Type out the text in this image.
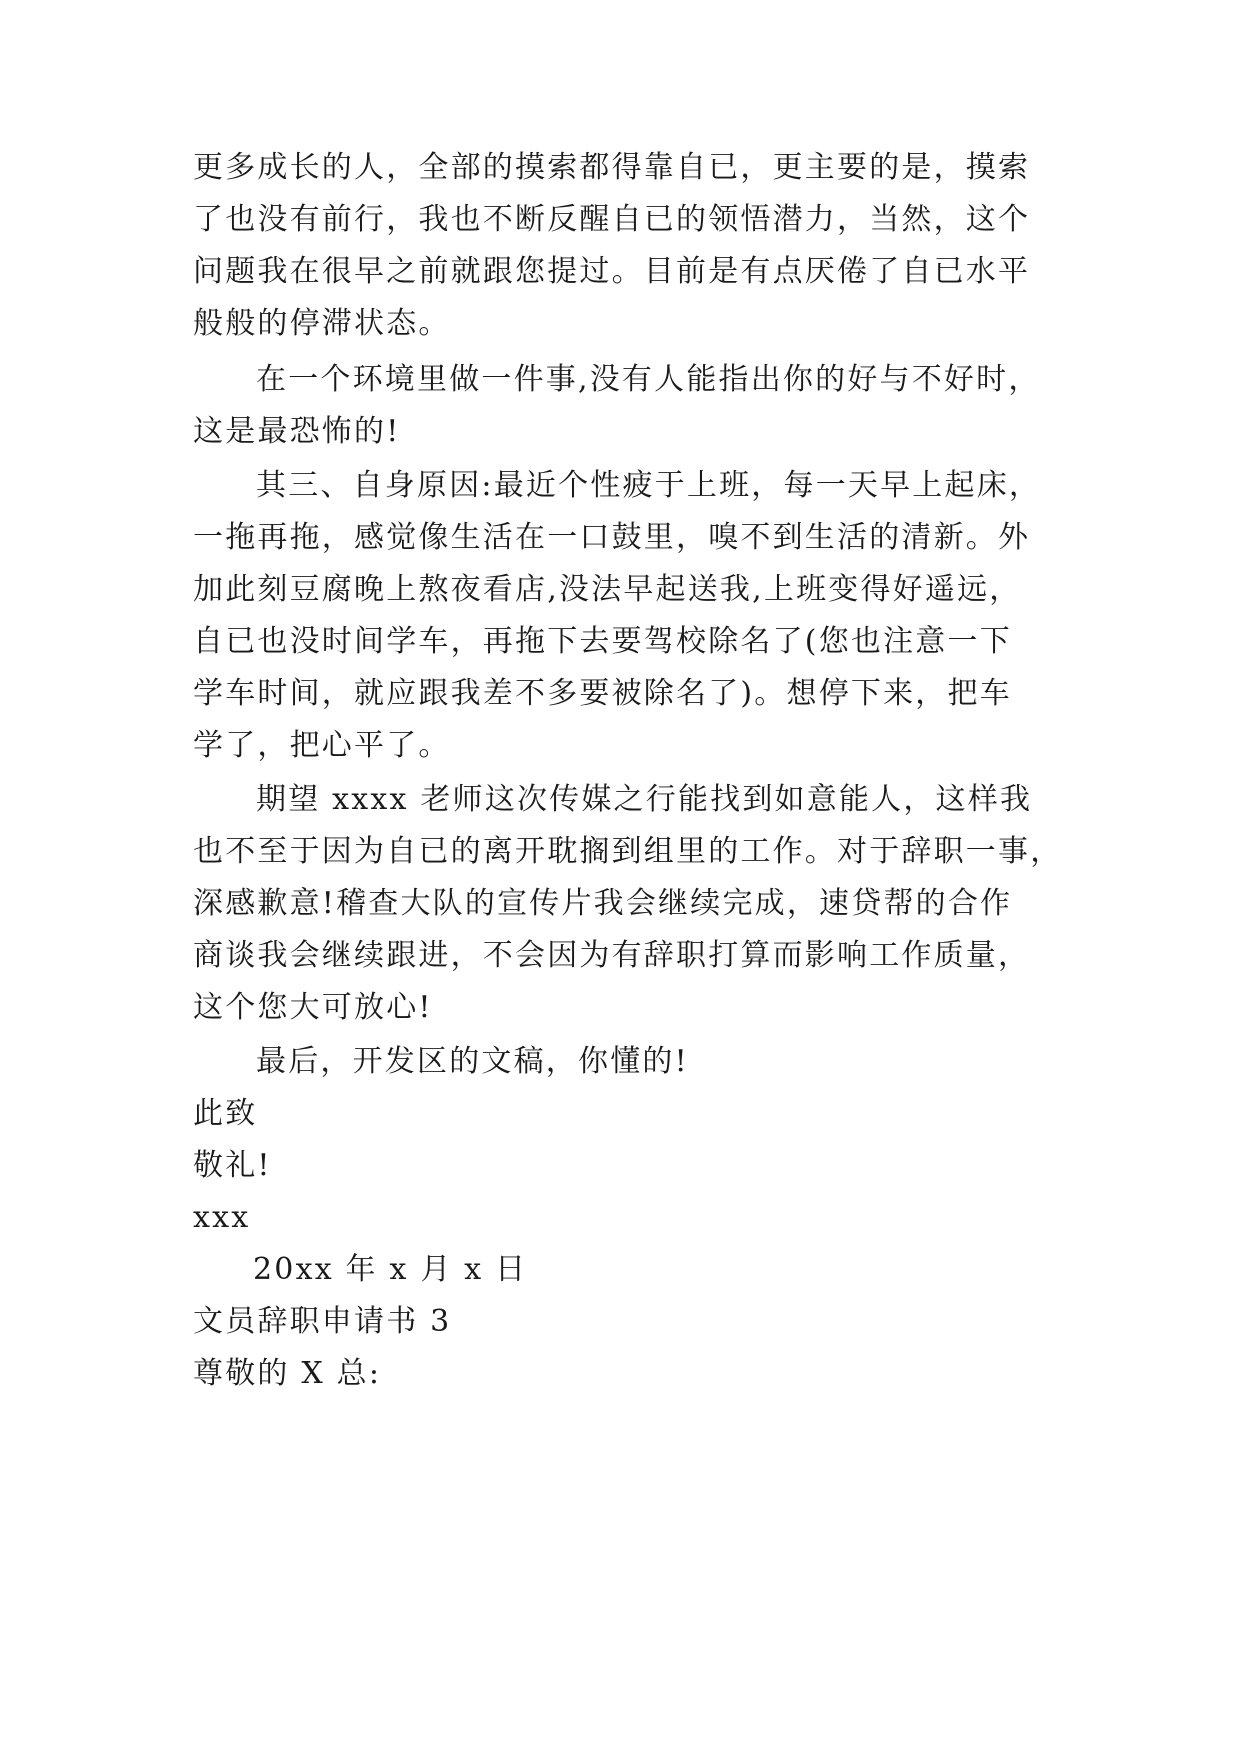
更多成长的人，全部的摸索都得靠自已，更主要的是，摸索
了也没有前行，我也不断反醒自已的领悟潜力，当然，这个
问题我在很早之前就跟您提过。目前是有点厌倦了自已水平
般般的停滞状态。
在一个环境里做一件事,没有人能指出你的好与不好时，
这是最恐怖的!
其三、自身原因:最近个性疲于上班，每一天早上起床，
一拖再拖，感觉像生活在一口鼓里，嗅不到生活的清新。外
加此刻豆腐晚上熬夜看店,没法早起送我,上班变得好遥远，
自已也没时间学车，再拖下去要驾校除名了(您也注意一下
学车时间，就应跟我差不多要被除名了)。想停下来，把车
学了，把心平了。
期望 xxxx 老师这次传媒之行能找到如意能人，这样我
也不至于因为自已的离开耽搁到组里的工作。对于辞职一事，
深感歉意!稽查大队的宣传片我会继续完成，速贷帮的合作
商谈我会继续跟进，不会因为有辞职打算而影响工作质量，
这个您大可放心!
最后，开发区的文稿，你懂的!
此致
敬礼!
xxx
20xx 年 x 月 x 日
文员辞职申请书 3
尊敬的 X 总:
